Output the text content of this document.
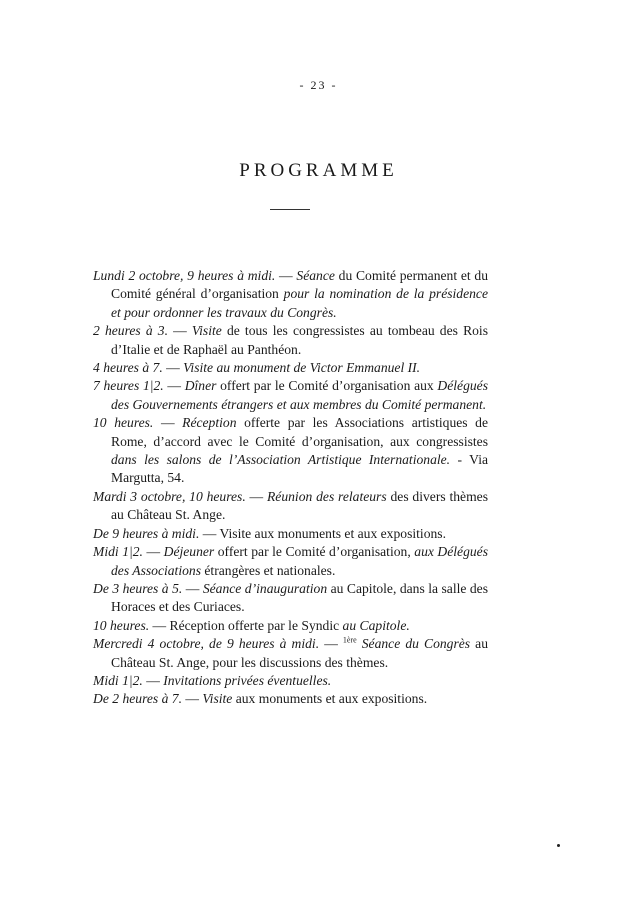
- 23 -
PROGRAMME

Lundi 2 octobre, 9 heures à midi. — Séance du Comité permanent et du Comité général d’organisation pour la nomination de la présidence et pour ordonner les travaux du Congrès.

2 heures à 3. — Visite de tous les congressistes au tombeau des Rois d’Italie et de Raphaël au Panthéon.

4 heures à 7. — Visite au monument de Victor Emmanuel II.

7 heures 1|2. — Dîner offert par le Comité d’organisation aux Délégués des Gouvernements étrangers et aux membres du Comité permanent.

10 heures. — Réception offerte par les Associations artistiques de Rome, d’accord avec le Comité d’organisation, aux congressistes dans les salons de l’Association Artistique Internationale. - Via Margutta, 54.

Mardi 3 octobre, 10 heures. — Réunion des relateurs des divers thèmes au Château St. Ange.

De 9 heures à midi. — Visite aux monuments et aux expositions.

Midi 1|2. — Déjeuner offert par le Comité d’organisation, aux Délégués des Associations étrangères et nationales.

De 3 heures à 5. — Séance d’inauguration au Capitole, dans la salle des Horaces et des Curiaces.

10 heures. — Réception offerte par le Syndic au Capitole.

Mercredi 4 octobre, de 9 heures à midi. — $^{1ère}$ Séance du Congrès au Château St. Ange, pour les discussions des thèmes.

Midi 1|2. — Invitations privées éventuelles.

De 2 heures à 7. — Visite aux monuments et aux expositions.
